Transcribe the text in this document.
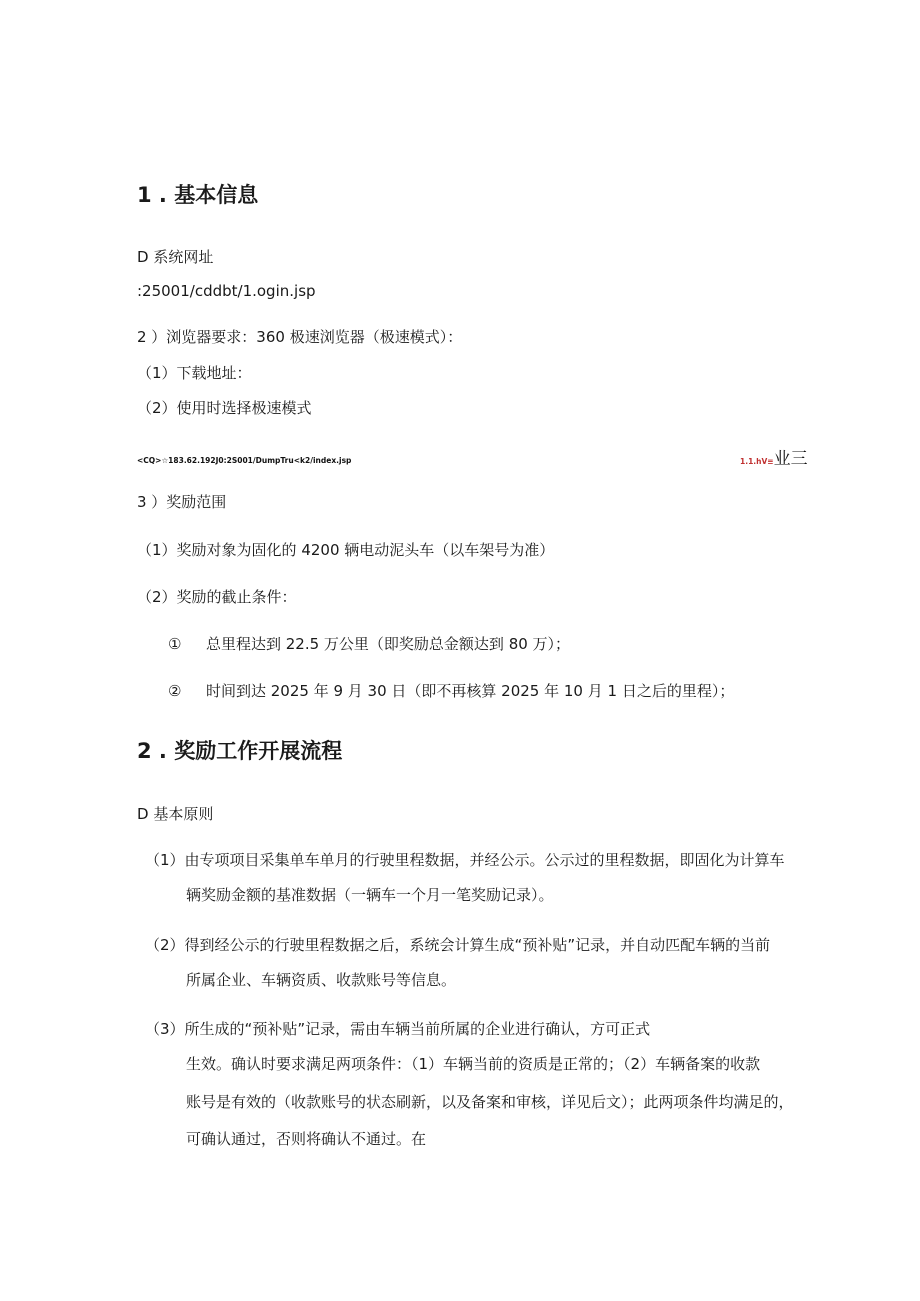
1 . 基本信息
D 系统网址
:25001/cddbt/1.ogin.jsp
2 ）浏览器要求：360 极速浏览器（极速模式）：
（1）下载地址：
（2）使用时选择极速模式
<CQ>☆183.62.192J0:2S001/DumpTru<k2/index.jsp	1.1.hV≡业三
3 ）奖励范围
（1）奖励对象为固化的 4200 辆电动泥头车（以车架号为准）
（2）奖励的截止条件：
① 总里程达到 22.5 万公里（即奖励总金额达到 80 万）；
② 时间到达 2025 年 9 月 30 日（即不再核算 2025 年 10 月 1 日之后的里程）；
2 . 奖励工作开展流程
D 基本原则
（1）由专项项目采集单车单月的行驶里程数据，并经公示。公示过的里程数据，即固化为计算车
辆奖励金额的基准数据（一辆车一个月一笔奖励记录）。
（2）得到经公示的行驶里程数据之后，系统会计算生成“预补贴”记录，并自动匹配车辆的当前
所属企业、车辆资质、收款账号等信息。
（3）所生成的“预补贴”记录，需由车辆当前所属的企业进行确认，方可正式
生效。确认时要求满足两项条件：（1）车辆当前的资质是正常的；（2）车辆备案的收款
账号是有效的（收款账号的状态刷新，以及备案和审核，详见后文）；此两项条件均满足的，
可确认通过，否则将确认不通过。在
